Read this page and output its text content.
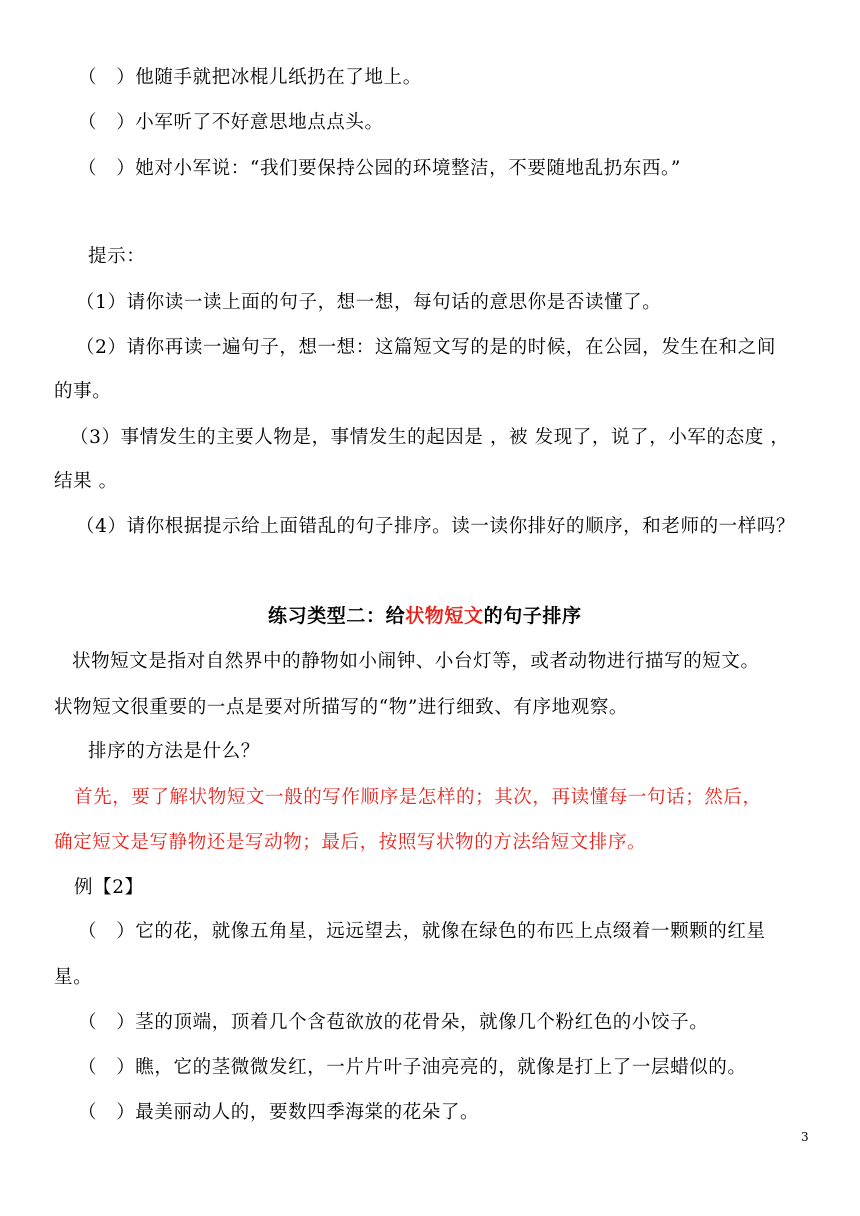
（　）他随手就把冰棍儿纸扔在了地上。
（　）小军听了不好意思地点点头。
（　）她对小军说：“我们要保持公园的环境整洁，不要随地乱扔东西。”
提示：
（1）请你读一读上面的句子，想一想，每句话的意思你是否读懂了。
（2）请你再读一遍句子，想一想：这篇短文写的是的时候，在公园，发生在和之间
的事。
（3）事情发生的主要人物是，事情发生的起因是 ，被 发现了，说了，小军的态度 ，
结果 。
（4）请你根据提示给上面错乱的句子排序。读一读你排好的顺序，和老师的一样吗？
练习类型二：给状物短文的句子排序
状物短文是指对自然界中的静物如小闹钟、小台灯等，或者动物进行描写的短文。
状物短文很重要的一点是要对所描写的“物”进行细致、有序地观察。
排序的方法是什么？
首先，要了解状物短文一般的写作顺序是怎样的；其次，再读懂每一句话；然后，
确定短文是写静物还是写动物；最后，按照写状物的方法给短文排序。
例【2】
（　）它的花，就像五角星，远远望去，就像在绿色的布匹上点缀着一颗颗的红星
星。
（　）茎的顶端，顶着几个含苞欲放的花骨朵，就像几个粉红色的小饺子。
（　）瞧，它的茎微微发红，一片片叶子油亮亮的，就像是打上了一层蜡似的。
（　）最美丽动人的，要数四季海棠的花朵了。
3
